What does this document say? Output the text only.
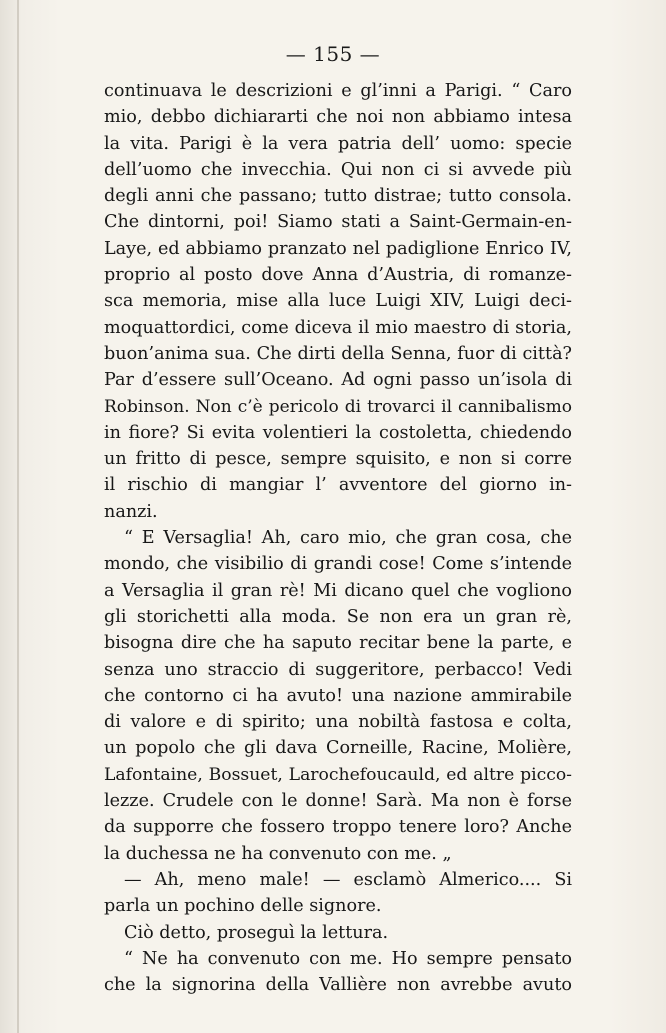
— 155 —
continuava le descrizioni e gl’inni a Parigi. “ Caro
mio, debbo dichiararti che noi non abbiamo intesa
la vita. Parigi è la vera patria dell’ uomo: specie
dell’uomo che invecchia. Qui non ci si avvede più
degli anni che passano; tutto distrae; tutto consola.
Che dintorni, poi! Siamo stati a Saint-Germain-en-
Laye, ed abbiamo pranzato nel padiglione Enrico IV,
proprio al posto dove Anna d’Austria, di romanze-
sca memoria, mise alla luce Luigi XIV, Luigi deci-
moquattordici, come diceva il mio maestro di storia,
buon’anima sua. Che dirti della Senna, fuor di città?
Par d’essere sull’Oceano. Ad ogni passo un’isola di
Robinson. Non c’è pericolo di trovarci il cannibalismo
in fiore? Si evita volentieri la costoletta, chiedendo
un fritto di pesce, sempre squisito, e non si corre
il rischio di mangiar l’ avventore del giorno in-
nanzi.
“ E Versaglia! Ah, caro mio, che gran cosa, che
mondo, che visibilio di grandi cose! Come s’intende
a Versaglia il gran rè! Mi dicano quel che vogliono
gli storichetti alla moda. Se non era un gran rè,
bisogna dire che ha saputo recitar bene la parte, e
senza uno straccio di suggeritore, perbacco! Vedi
che contorno ci ha avuto! una nazione ammirabile
di valore e di spirito; una nobiltà fastosa e colta,
un popolo che gli dava Corneille, Racine, Molière,
Lafontaine, Bossuet, Larochefoucauld, ed altre picco-
lezze. Crudele con le donne! Sarà. Ma non è forse
da supporre che fossero troppo tenere loro? Anche
la duchessa ne ha convenuto con me. „
— Ah, meno male! — esclamò Almerico.... Si
parla un pochino delle signore.
Ciò detto, proseguì la lettura.
“ Ne ha convenuto con me. Ho sempre pensato
che la signorina della Vallière non avrebbe avuto
